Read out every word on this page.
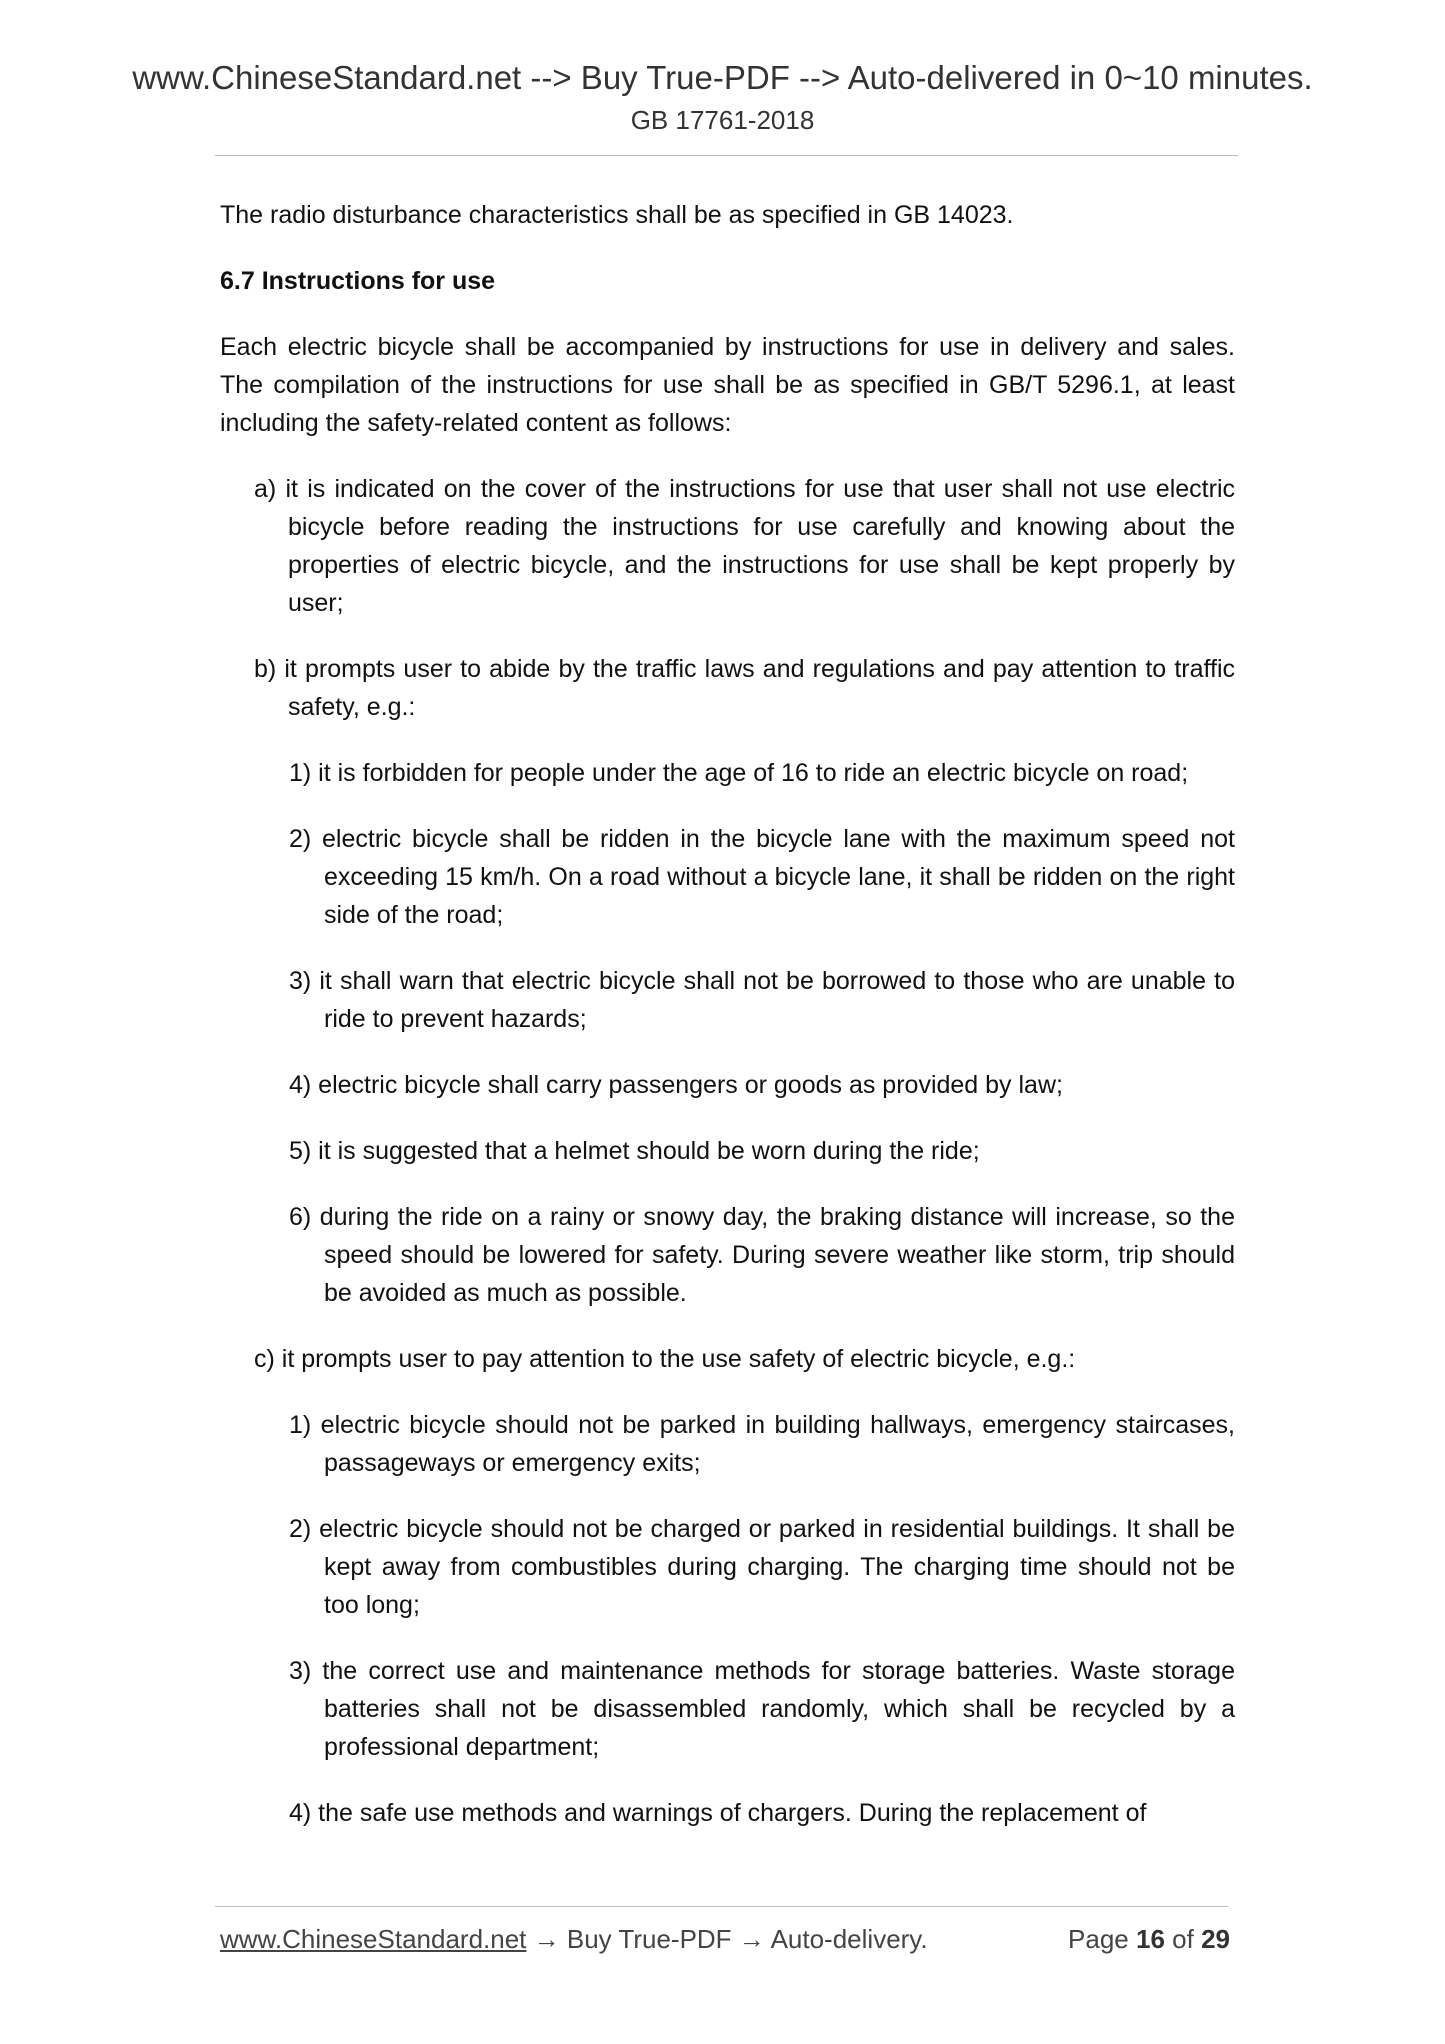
www.ChineseStandard.net --> Buy True-PDF --> Auto-delivered in 0~10 minutes.
GB 17761-2018

The radio disturbance characteristics shall be as specified in GB 14023.

6.7 Instructions for use

Each electric bicycle shall be accompanied by instructions for use in delivery and sales. The compilation of the instructions for use shall be as specified in GB/T 5296.1, at least including the safety-related content as follows:

a) it is indicated on the cover of the instructions for use that user shall not use electric bicycle before reading the instructions for use carefully and knowing about the properties of electric bicycle, and the instructions for use shall be kept properly by user;

b) it prompts user to abide by the traffic laws and regulations and pay attention to traffic safety, e.g.:

1) it is forbidden for people under the age of 16 to ride an electric bicycle on road;

2) electric bicycle shall be ridden in the bicycle lane with the maximum speed not exceeding 15 km/h. On a road without a bicycle lane, it shall be ridden on the right side of the road;

3) it shall warn that electric bicycle shall not be borrowed to those who are unable to ride to prevent hazards;

4) electric bicycle shall carry passengers or goods as provided by law;

5) it is suggested that a helmet should be worn during the ride;

6) during the ride on a rainy or snowy day, the braking distance will increase, so the speed should be lowered for safety. During severe weather like storm, trip should be avoided as much as possible.

c) it prompts user to pay attention to the use safety of electric bicycle, e.g.:

1) electric bicycle should not be parked in building hallways, emergency staircases, passageways or emergency exits;

2) electric bicycle should not be charged or parked in residential buildings. It shall be kept away from combustibles during charging. The charging time should not be too long;

3) the correct use and maintenance methods for storage batteries. Waste storage batteries shall not be disassembled randomly, which shall be recycled by a professional department;

4) the safe use methods and warnings of chargers. During the replacement of

www.ChineseStandard.net → Buy True-PDF → Auto-delivery.	Page 16 of 29
